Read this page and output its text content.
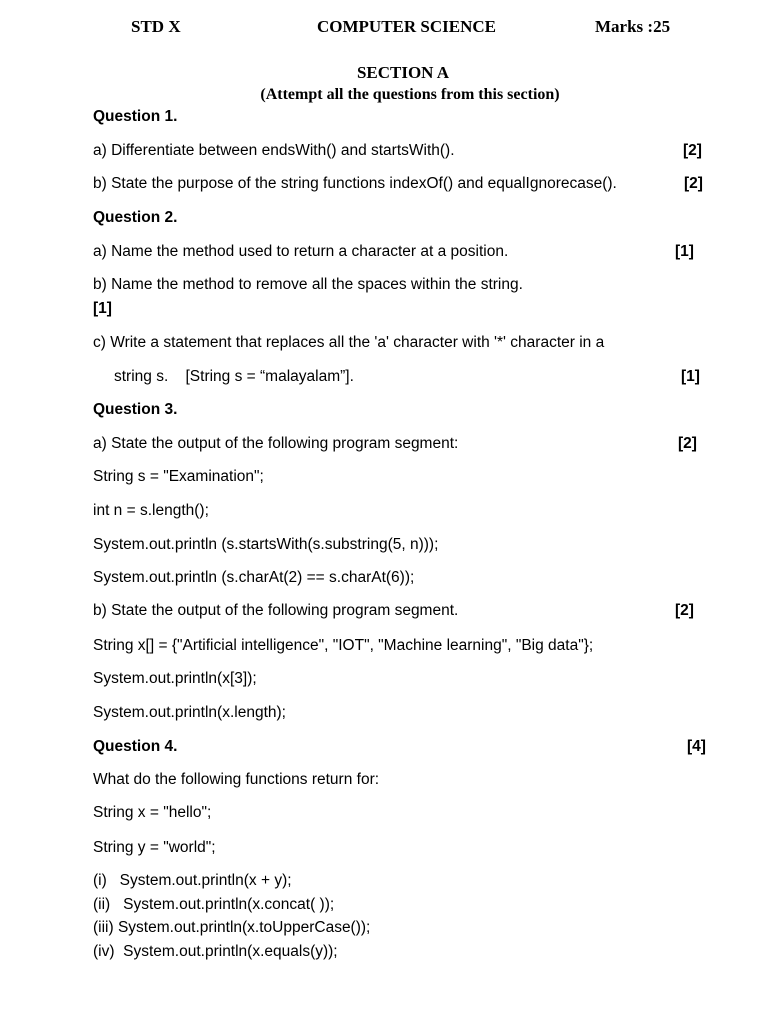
STD X	COMPUTER SCIENCE	Marks :25
SECTION A
(Attempt all the questions from this section)
Question 1.
a) Differentiate between endsWith() and startsWith().	[2]
b) State the purpose of the string functions indexOf() and equalIgnorecase().	[2]
Question 2.
a) Name the method used to return a character at a position.	[1]
b) Name the method to remove all the spaces within the string.
[1]
c) Write a statement that replaces all the 'a' character with '*' character in a
string s.    [String s = “malayalam”].	[1]
Question 3.
a) State the output of the following program segment:	[2]
String s = "Examination";
int n = s.length();
System.out.println (s.startsWith(s.substring(5, n)));
System.out.println (s.charAt(2) == s.charAt(6));
b) State the output of the following program segment.	[2]
String x[] = {"Artificial intelligence", "IOT", "Machine learning", "Big data"};
System.out.println(x[3]);
System.out.println(x.length);
Question 4.	[4]
What do the following functions return for:
String x = "hello";
String y = "world";
(i)   System.out.println(x + y);
(ii)   System.out.println(x.concat( ));
(iii) System.out.println(x.toUpperCase());
(iv)  System.out.println(x.equals(y));
